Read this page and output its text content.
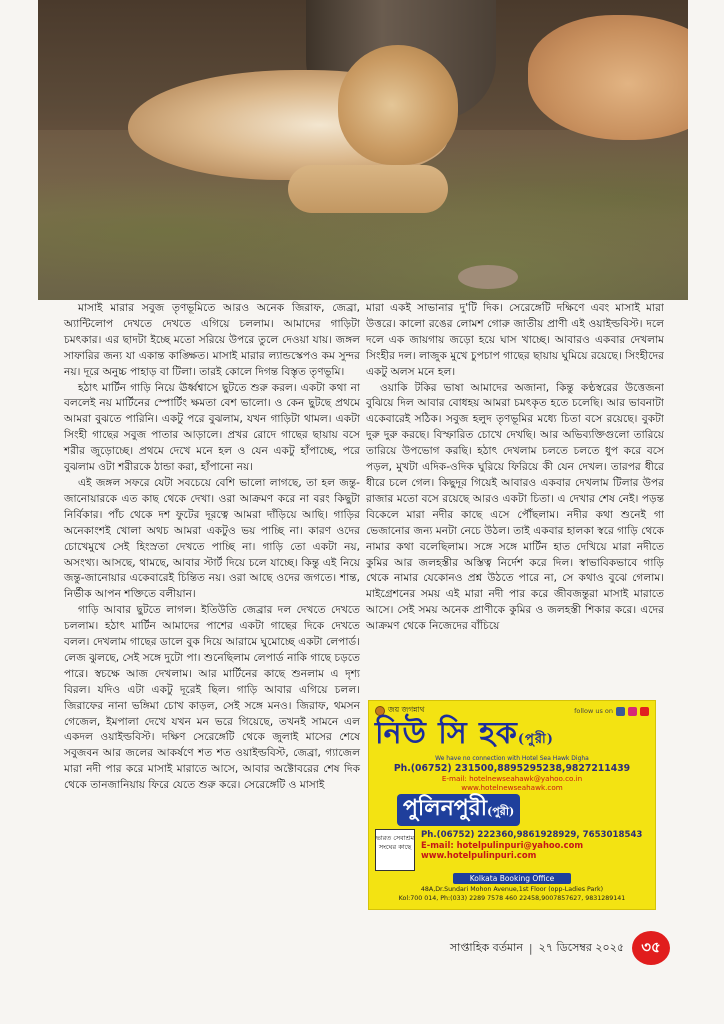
মাসাই মারার সবুজ তৃণভূমিতে আরও অনেক জিরাফ, জেব্রা, অ্যান্টিলোপ দেখতে দেখতে এগিয়ে চললাম। আমাদের গাড়িটা চমৎকার। এর ছাদটা ইচ্ছে মতো সরিয়ে উপরে তুলে দেওয়া যায়। জঙ্গল সাফারির জন্য যা একান্ত কাঙ্ক্ষিত। মাসাই মারার ল্যান্ডস্কেপও কম সুন্দর নয়। দূরে অনুচ্চ পাহাড় বা টিলা। তারই কোলে দিগন্ত বিস্তৃত তৃণভূমি।

হঠাৎ মার্টিন গাড়ি নিয়ে ঊর্ধ্বশ্বাসে ছুটতে শুরু করল। একটা কথা না বললেই নয় মার্টিনের স্পোর্টিং ক্ষমতা বেশ ভালো। ও কেন ছুটছে প্রথমে আমরা বুঝতে পারিনি। একটু পরে বুঝলাম, যখন গাড়িটা থামল। একটা সিংহী গাছের সবুজ পাতার আড়ালে। প্রখর রোদে গাছের ছায়ায় বসে শরীর জুড়োচ্ছে। প্রথমে দেখে মনে হল ও যেন একটু হাঁপাচ্ছে, পরে বুঝলাম ওটা শরীরকে ঠান্ডা করা, হাঁপানো নয়।

এই জঙ্গল সফরে যেটা সবচেয়ে বেশি ভালো লাগছে, তা হল জন্তু-জানোয়ারকে এত কাছ থেকে দেখা। ওরা আক্রমণ করে না বরং কিছুটা নির্বিকার। পাঁচ থেকে দশ ফুটের দূরত্বে আমরা দাঁড়িয়ে আছি। গাড়ির অনেকাংশই খোলা অথচ আমরা একটুও ভয় পাচ্ছি না। কারণ ওদের চোখেমুখে সেই হিংস্রতা দেখতে পাচ্ছি না। গাড়ি তো একটা নয়, অসংখ্য। আসছে, থামছে, আবার স্টার্ট দিয়ে চলে যাচ্ছে। কিন্তু এই নিয়ে জন্তু-জানোয়ার একেবারেই চিন্তিত নয়। ওরা আছে ওদের জগতে। শান্ত, নির্ভীক আপন শক্তিতে বলীয়ান।

গাড়ি আবার ছুটতে লাগল। ইতিউতি জেব্রার দল দেখতে দেখতে চললাম। হঠাৎ মার্টিন আমাদের পাশের একটা গাছের দিকে দেখতে বলল। দেখলাম গাছের ডালে বুক দিয়ে আরামে ঘুমোচ্ছে একটা লেপার্ড। লেজ ঝুলছে, সেই সঙ্গে দুটো পা। শুনেছিলাম লেপার্ড নাকি গাছে চড়তে পারে। স্বচক্ষে আজ দেখলাম। আর মার্টিনের কাছে শুনলাম এ দৃশ্য বিরল। যদিও এটা একটু দূরেই ছিল। গাড়ি আবার এগিয়ে চলল। জিরাফের নানা ভঙ্গিমা চোখ কাড়ল, সেই সঙ্গে মনও। জিরাফ, থমসন গেজেল, ইমপালা দেখে যখন মন ভরে গিয়েছে, তখনই সামনে এল একদল ওয়াইল্ডবিস্ট। দক্ষিণ সেরেঙ্গেটি থেকে জুলাই মাসের শেষে সবুজবন আর জলের আকর্ষণে শত শত ওয়াইল্ডবিস্ট, জেব্রা, গ্যাজেল মারা নদী পার করে মাসাই মারাতে আসে, আবার অক্টোবরের শেষ দিক থেকে তানজানিয়ায় ফিরে যেতে শুরু করে। সেরেঙ্গেটি ও মাসাই

মারা একই সাভানার দু'টি দিক। সেরেঙ্গেটি দক্ষিণে এবং মাসাই মারা উত্তরে। কালো রঙের লোমশ গোরু জাতীয় প্রাণী এই ওয়াইল্ডবিস্ট। দলে দলে এক জায়গায় জড়ো হয়ে ঘাস খাচ্ছে। আবারও একবার দেখলাম সিংহীর দল। লাজুক মুখে চুপচাপ গাছের ছায়ায় ঘুমিয়ে রয়েছে। সিংহীদের একটু অলস মনে হল।

ওয়াকি টকির ভাষা আমাদের অজানা, কিন্তু কণ্ঠস্বরের উত্তেজনা বুঝিয়ে দিল আবার বোধহয় আমরা চমৎকৃত হতে চলেছি। আর ভাবনাটা একেবারেই সঠিক। সবুজ হলুদ তৃণভূমির মধ্যে চিতা বসে রয়েছে। বুকটা দুরু দুরু করছে। বিস্ফারিত চোখে দেখছি। আর অভিব্যক্তিগুলো তারিয়ে তারিয়ে উপভোগ করছি। হঠাৎ দেখলাম চলতে চলতে ধুপ করে বসে পড়ল, মুখটা এদিক-ওদিক ঘুরিয়ে ফিরিয়ে কী যেন দেখল। তারপর ধীরে ধীরে চলে গেল। কিছুদূর গিয়েই আবারও একবার দেখলাম টিলার উপর রাজার মতো বসে রয়েছে আরও একটা চিতা। এ দেখার শেষ নেই। পড়ন্ত বিকেলে মারা নদীর কাছে এসে পৌঁছলাম। নদীর কথা শুনেই গা ভেজানোর জন্য মনটা নেচে উঠল। তাই একবার হালকা স্বরে গাড়ি থেকে নামার কথা বলেছিলাম। সঙ্গে সঙ্গে মার্টিন হাত দেখিয়ে মারা নদীতে কুমির আর জলহস্তীর অস্তিত্ব নির্দেশ করে দিল। স্বাভাবিকভাবে গাড়ি থেকে নামার যেকোনও প্রশ্ন উঠতে পারে না, সে কথাও বুঝে গেলাম। মাইগ্রেশনের সময় এই মারা নদী পার করে জীবজন্তুরা মাসাই মারাতে আসে। সেই সময় অনেক প্রাণীকে কুমির ও জলহস্তী শিকার করে। এদের আক্রমণ থেকে নিজেদের বাঁচিয়ে

জয় জগন্নাথ	follow us on
নিউ সি হক(পুরী)
We have no connection with Hotel Sea Hawk Digha
Ph.(06752) 231500,8895295238,9827211439
E-mail: hotelnewseahawk@yahoo.co.in
www.hotelnewseahawk.com
পুলিনপুরী(পুরী)
ভারত সেবাশ্রম সংঘের কাছে
Ph.(06752) 222360,9861928929, 7653018543
E-mail: hotelpulinpuri@yahoo.com
www.hotelpulinpuri.com
Kolkata Booking Office
48A,Dr.Sundari Mohon Avenue,1st Floor (opp-Ladies Park)
Kol:700 014, Ph:(033) 2289 7578 460 22458,9007857627, 9831289141
সাপ্তাহিক বর্তমান | ২৭ ডিসেম্বর ২০২৫	৩৫
